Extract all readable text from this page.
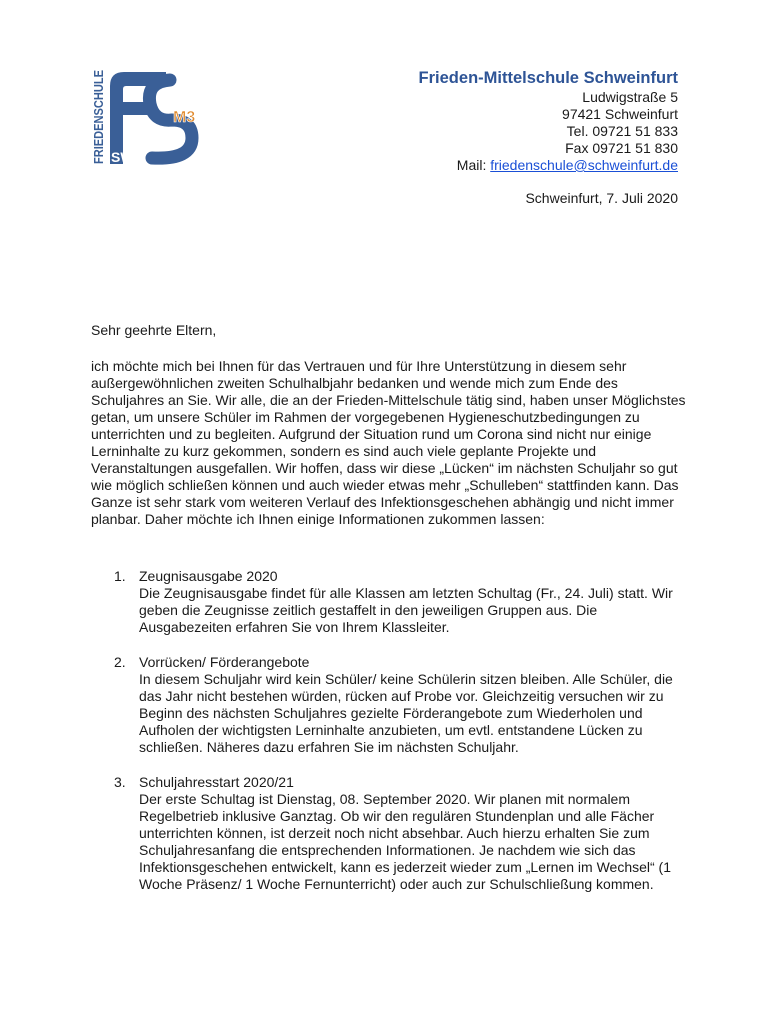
FRIEDENSCHULE SW
M3
Frieden-Mittelschule Schweinfurt
Ludwigstraße 5
97421 Schweinfurt
Tel. 09721 51 833
Fax 09721 51 830
Mail: friedenschule@schweinfurt.de
Schweinfurt, 7. Juli 2020

Sehr geehrte Eltern,

ich möchte mich bei Ihnen für das Vertrauen und für Ihre Unterstützung in diesem sehr außergewöhnlichen zweiten Schulhalbjahr bedanken und wende mich zum Ende des Schuljahres an Sie. Wir alle, die an der Frieden-Mittelschule tätig sind, haben unser Möglichstes getan, um unsere Schüler im Rahmen der vorgegebenen Hygieneschutzbedingungen zu unterrichten und zu begleiten. Aufgrund der Situation rund um Corona sind nicht nur einige Lerninhalte zu kurz gekommen, sondern es sind auch viele geplante Projekte und Veranstaltungen ausgefallen. Wir hoffen, dass wir diese „Lücken“ im nächsten Schuljahr so gut wie möglich schließen können und auch wieder etwas mehr „Schulleben“ stattfinden kann. Das Ganze ist sehr stark vom weiteren Verlauf des Infektionsgeschehen abhängig und nicht immer planbar. Daher möchte ich Ihnen einige Informationen zukommen lassen:

1. Zeugnisausgabe 2020
Die Zeugnisausgabe findet für alle Klassen am letzten Schultag (Fr., 24. Juli) statt. Wir geben die Zeugnisse zeitlich gestaffelt in den jeweiligen Gruppen aus. Die Ausgabezeiten erfahren Sie von Ihrem Klassleiter.
2. Vorrücken/ Förderangebote
In diesem Schuljahr wird kein Schüler/ keine Schülerin sitzen bleiben. Alle Schüler, die das Jahr nicht bestehen würden, rücken auf Probe vor. Gleichzeitig versuchen wir zu Beginn des nächsten Schuljahres gezielte Förderangebote zum Wiederholen und Aufholen der wichtigsten Lerninhalte anzubieten, um evtl. entstandene Lücken zu schließen. Näheres dazu erfahren Sie im nächsten Schuljahr.
3. Schuljahresstart 2020/21
Der erste Schultag ist Dienstag, 08. September 2020. Wir planen mit normalem Regelbetrieb inklusive Ganztag. Ob wir den regulären Stundenplan und alle Fächer unterrichten können, ist derzeit noch nicht absehbar. Auch hierzu erhalten Sie zum Schuljahresanfang die entsprechenden Informationen. Je nachdem wie sich das Infektionsgeschehen entwickelt, kann es jederzeit wieder zum „Lernen im Wechsel“ (1 Woche Präsenz/ 1 Woche Fernunterricht) oder auch zur Schulschließung kommen.
